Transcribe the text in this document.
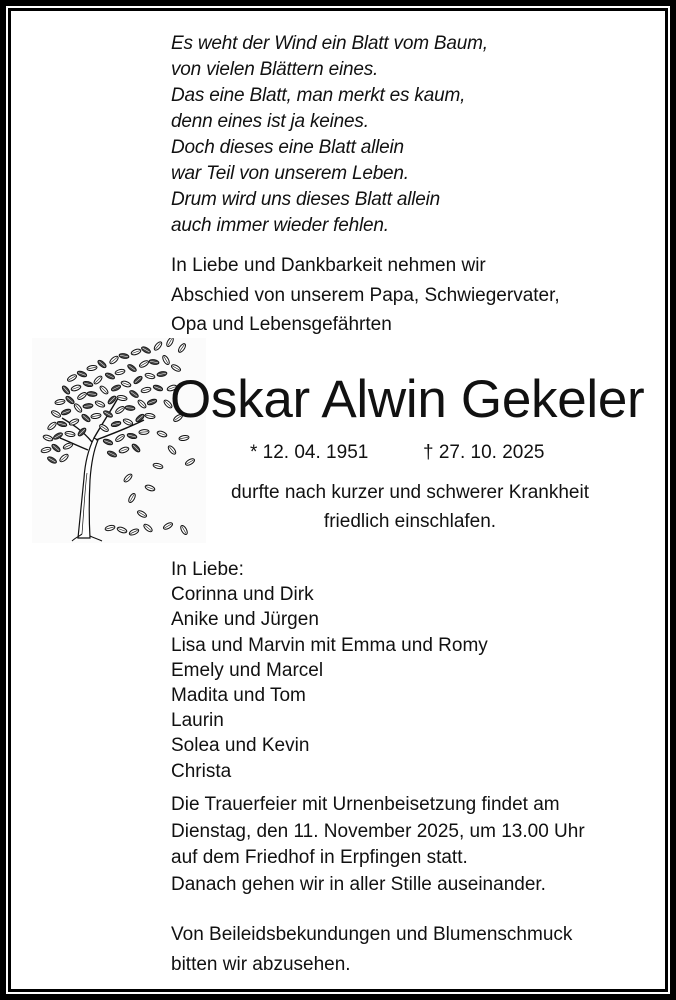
Es weht der Wind ein Blatt vom Baum,
von vielen Blättern eines.
Das eine Blatt, man merkt es kaum,
denn eines ist ja keines.
Doch dieses eine Blatt allein
war Teil von unserem Leben.
Drum wird uns dieses Blatt allein
auch immer wieder fehlen.
In Liebe und Dankbarkeit nehmen wir
Abschied von unserem Papa, Schwiegervater,
Opa und Lebensgefährten
Oskar Alwin Gekeler
* 12. 04. 1951	† 27. 10. 2025
durfte nach kurzer und schwerer Krankheit
friedlich einschlafen.
In Liebe:
Corinna und Dirk
Anike und Jürgen
Lisa und Marvin mit Emma und Romy
Emely und Marcel
Madita und Tom
Laurin
Solea und Kevin
Christa
Die Trauerfeier mit Urnenbeisetzung findet am
Dienstag, den 11. November 2025, um 13.00 Uhr
auf dem Friedhof in Erpfingen statt.
Danach gehen wir in aller Stille auseinander.
Von Beileidsbekundungen und Blumenschmuck
bitten wir abzusehen.
